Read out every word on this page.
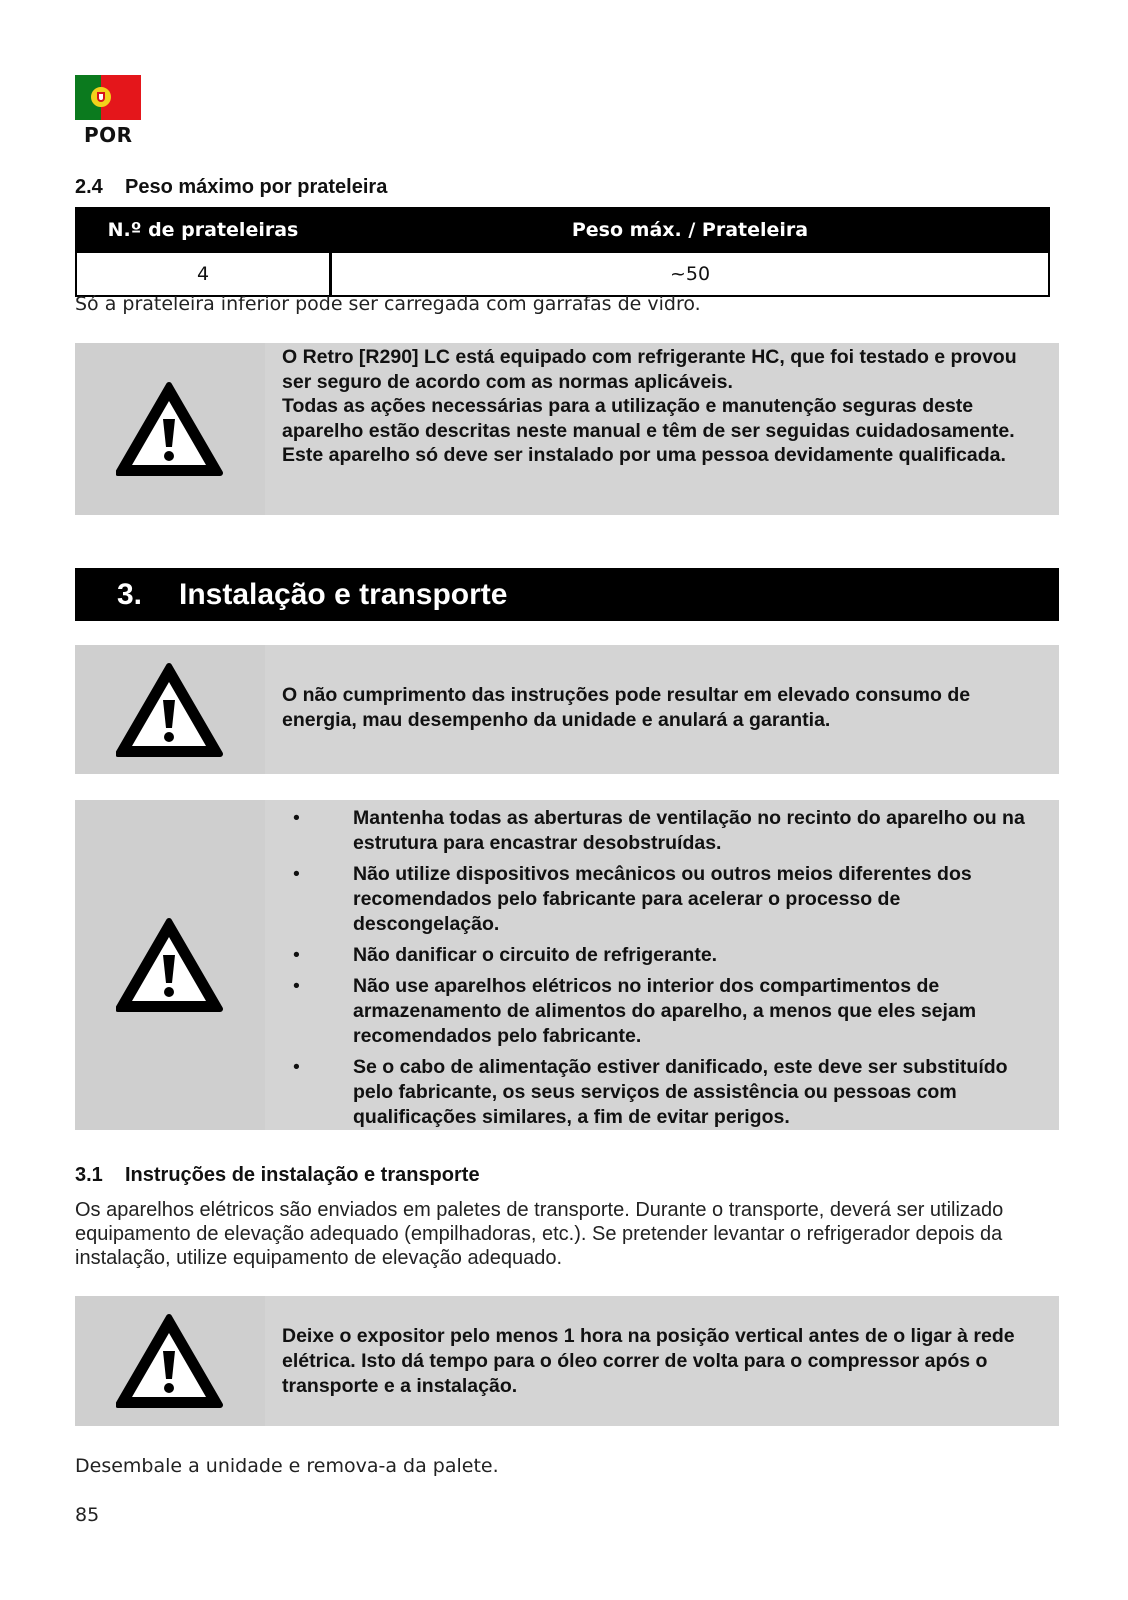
POR
2.4 Peso máximo por prateleira
N.º de prateleiras	Peso máx. / Prateleira
4	~50
Só a prateleira inferior pode ser carregada com garrafas de vidro.
O Retro [R290] LC está equipado com refrigerante HC, que foi testado e provou ser seguro de acordo com as normas aplicáveis.
Todas as ações necessárias para a utilização e manutenção seguras deste aparelho estão descritas neste manual e têm de ser seguidas cuidadosamente.
Este aparelho só deve ser instalado por uma pessoa devidamente qualificada.
3.	Instalação e transporte
O não cumprimento das instruções pode resultar em elevado consumo de energia, mau desempenho da unidade e anulará a garantia.
• Mantenha todas as aberturas de ventilação no recinto do aparelho ou na estrutura para encastrar desobstruídas.
• Não utilize dispositivos mecânicos ou outros meios diferentes dos recomendados pelo fabricante para acelerar o processo de descongelação.
• Não danificar o circuito de refrigerante.
• Não use aparelhos elétricos no interior dos compartimentos de armazenamento de alimentos do aparelho, a menos que eles sejam recomendados pelo fabricante.
• Se o cabo de alimentação estiver danificado, este deve ser substituído pelo fabricante, os seus serviços de assistência ou pessoas com qualificações similares, a fim de evitar perigos.
3.1 Instruções de instalação e transporte
Os aparelhos elétricos são enviados em paletes de transporte. Durante o transporte, deverá ser utilizado equipamento de elevação adequado (empilhadoras, etc.). Se pretender levantar o refrigerador depois da instalação, utilize equipamento de elevação adequado.
Deixe o expositor pelo menos 1 hora na posição vertical antes de o ligar à rede elétrica. Isto dá tempo para o óleo correr de volta para o compressor após o transporte e a instalação.
Desembale a unidade e remova-a da palete.
85
